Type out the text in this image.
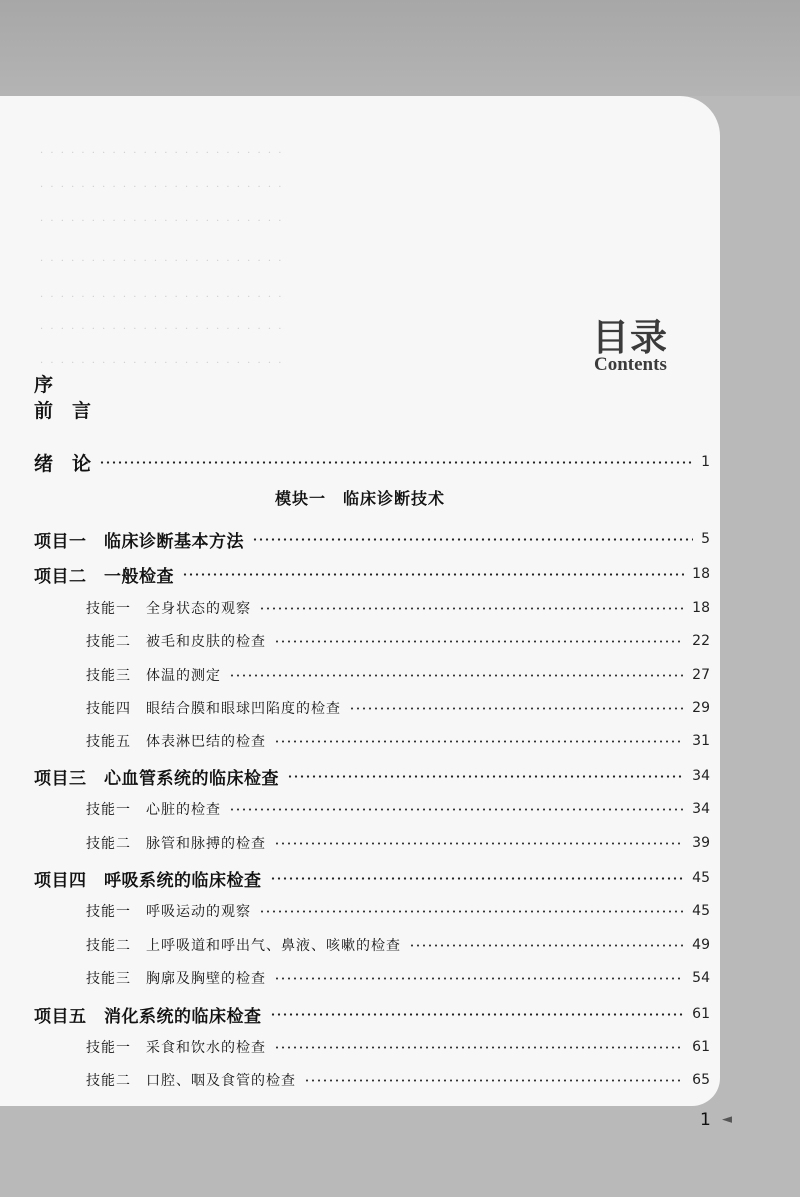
· · · · · · · · · · · · · · · · · · · · · · · ·
· · · · · · · · · · · · · · · · · · · · · · · ·
· · · · · · · · · · · · · · · · · · · · · · · ·
· · · · · · · · · · · · · · · · · · · · · · · ·
· · · · · · · · · · · · · · · · · · · · · · · ·
· · · · · · · · · · · · · · · · · · · · · · · ·
· · · · · · · · · · · · · · · · · · · · · · · ·
目录
Contents
序
前　言
绪　论	1
模块一　临床诊断技术
项目一　临床诊断基本方法	5
项目二　一般检查	18
技能一　全身状态的观察	18
技能二　被毛和皮肤的检查	22
技能三　体温的测定	27
技能四　眼结合膜和眼球凹陷度的检查	29
技能五　体表淋巴结的检查	31
项目三　心血管系统的临床检查	34
技能一　心脏的检查	34
技能二　脉管和脉搏的检查	39
项目四　呼吸系统的临床检查	45
技能一　呼吸运动的观察	45
技能二　上呼吸道和呼出气、鼻液、咳嗽的检查	49
技能三　胸廓及胸壁的检查	54
项目五　消化系统的临床检查	61
技能一　采食和饮水的检查	61
技能二　口腔、咽及食管的检查	65
1 ◄
